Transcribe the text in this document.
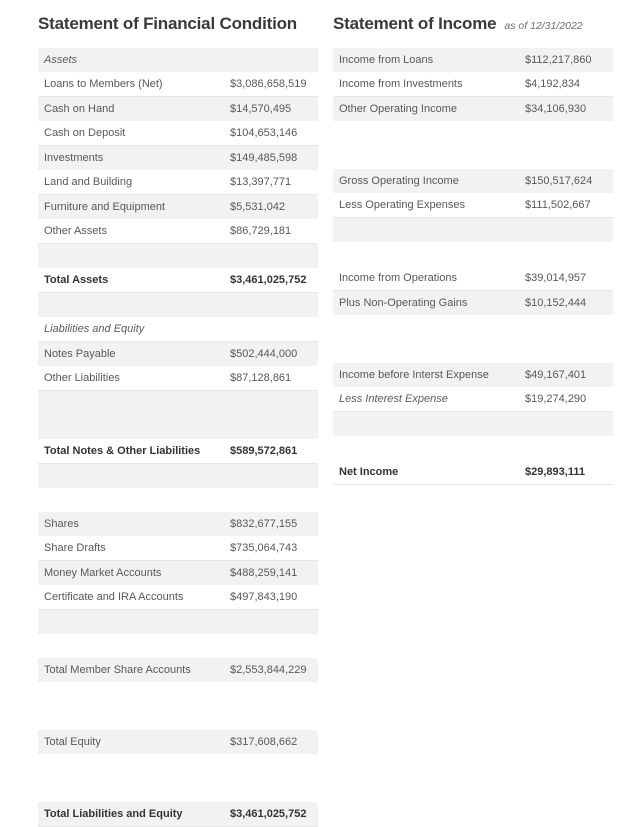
Statement of Financial Condition
Assets	
Loans to Members (Net)	$3,086,658,519
Cash on Hand	$14,570,495
Cash on Deposit	$104,653,146
Investments	$149,485,598
Land and Building	$13,397,771
Furniture and Equipment	$5,531,042
Other Assets	$86,729,181

Total Assets	$3,461,025,752

Liabilities and Equity	
Notes Payable	$502,444,000
Other Liabilities	$87,128,861

Total Notes & Other Liabilities	$589,572,861

Shares	$832,677,155
Share Drafts	$735,064,743
Money Market Accounts	$488,259,141
Certificate and IRA Accounts	$497,843,190

Total Member Share Accounts	$2,553,844,229

Total Equity	$317,608,662

Total Liabilities and Equity	$3,461,025,752
Statement of Income as of 12/31/2022
Income from Loans	$112,217,860
Income from Investments	$4,192,834
Other Operating Income	$34,106,930

Gross Operating Income	$150,517,624
Less Operating Expenses	$111,502,667

Income from Operations	$39,014,957
Plus Non-Operating Gains	$10,152,444

Income before Interst Expense	$49,167,401
Less Interest Expense	$19,274,290

Net Income	$29,893,111
